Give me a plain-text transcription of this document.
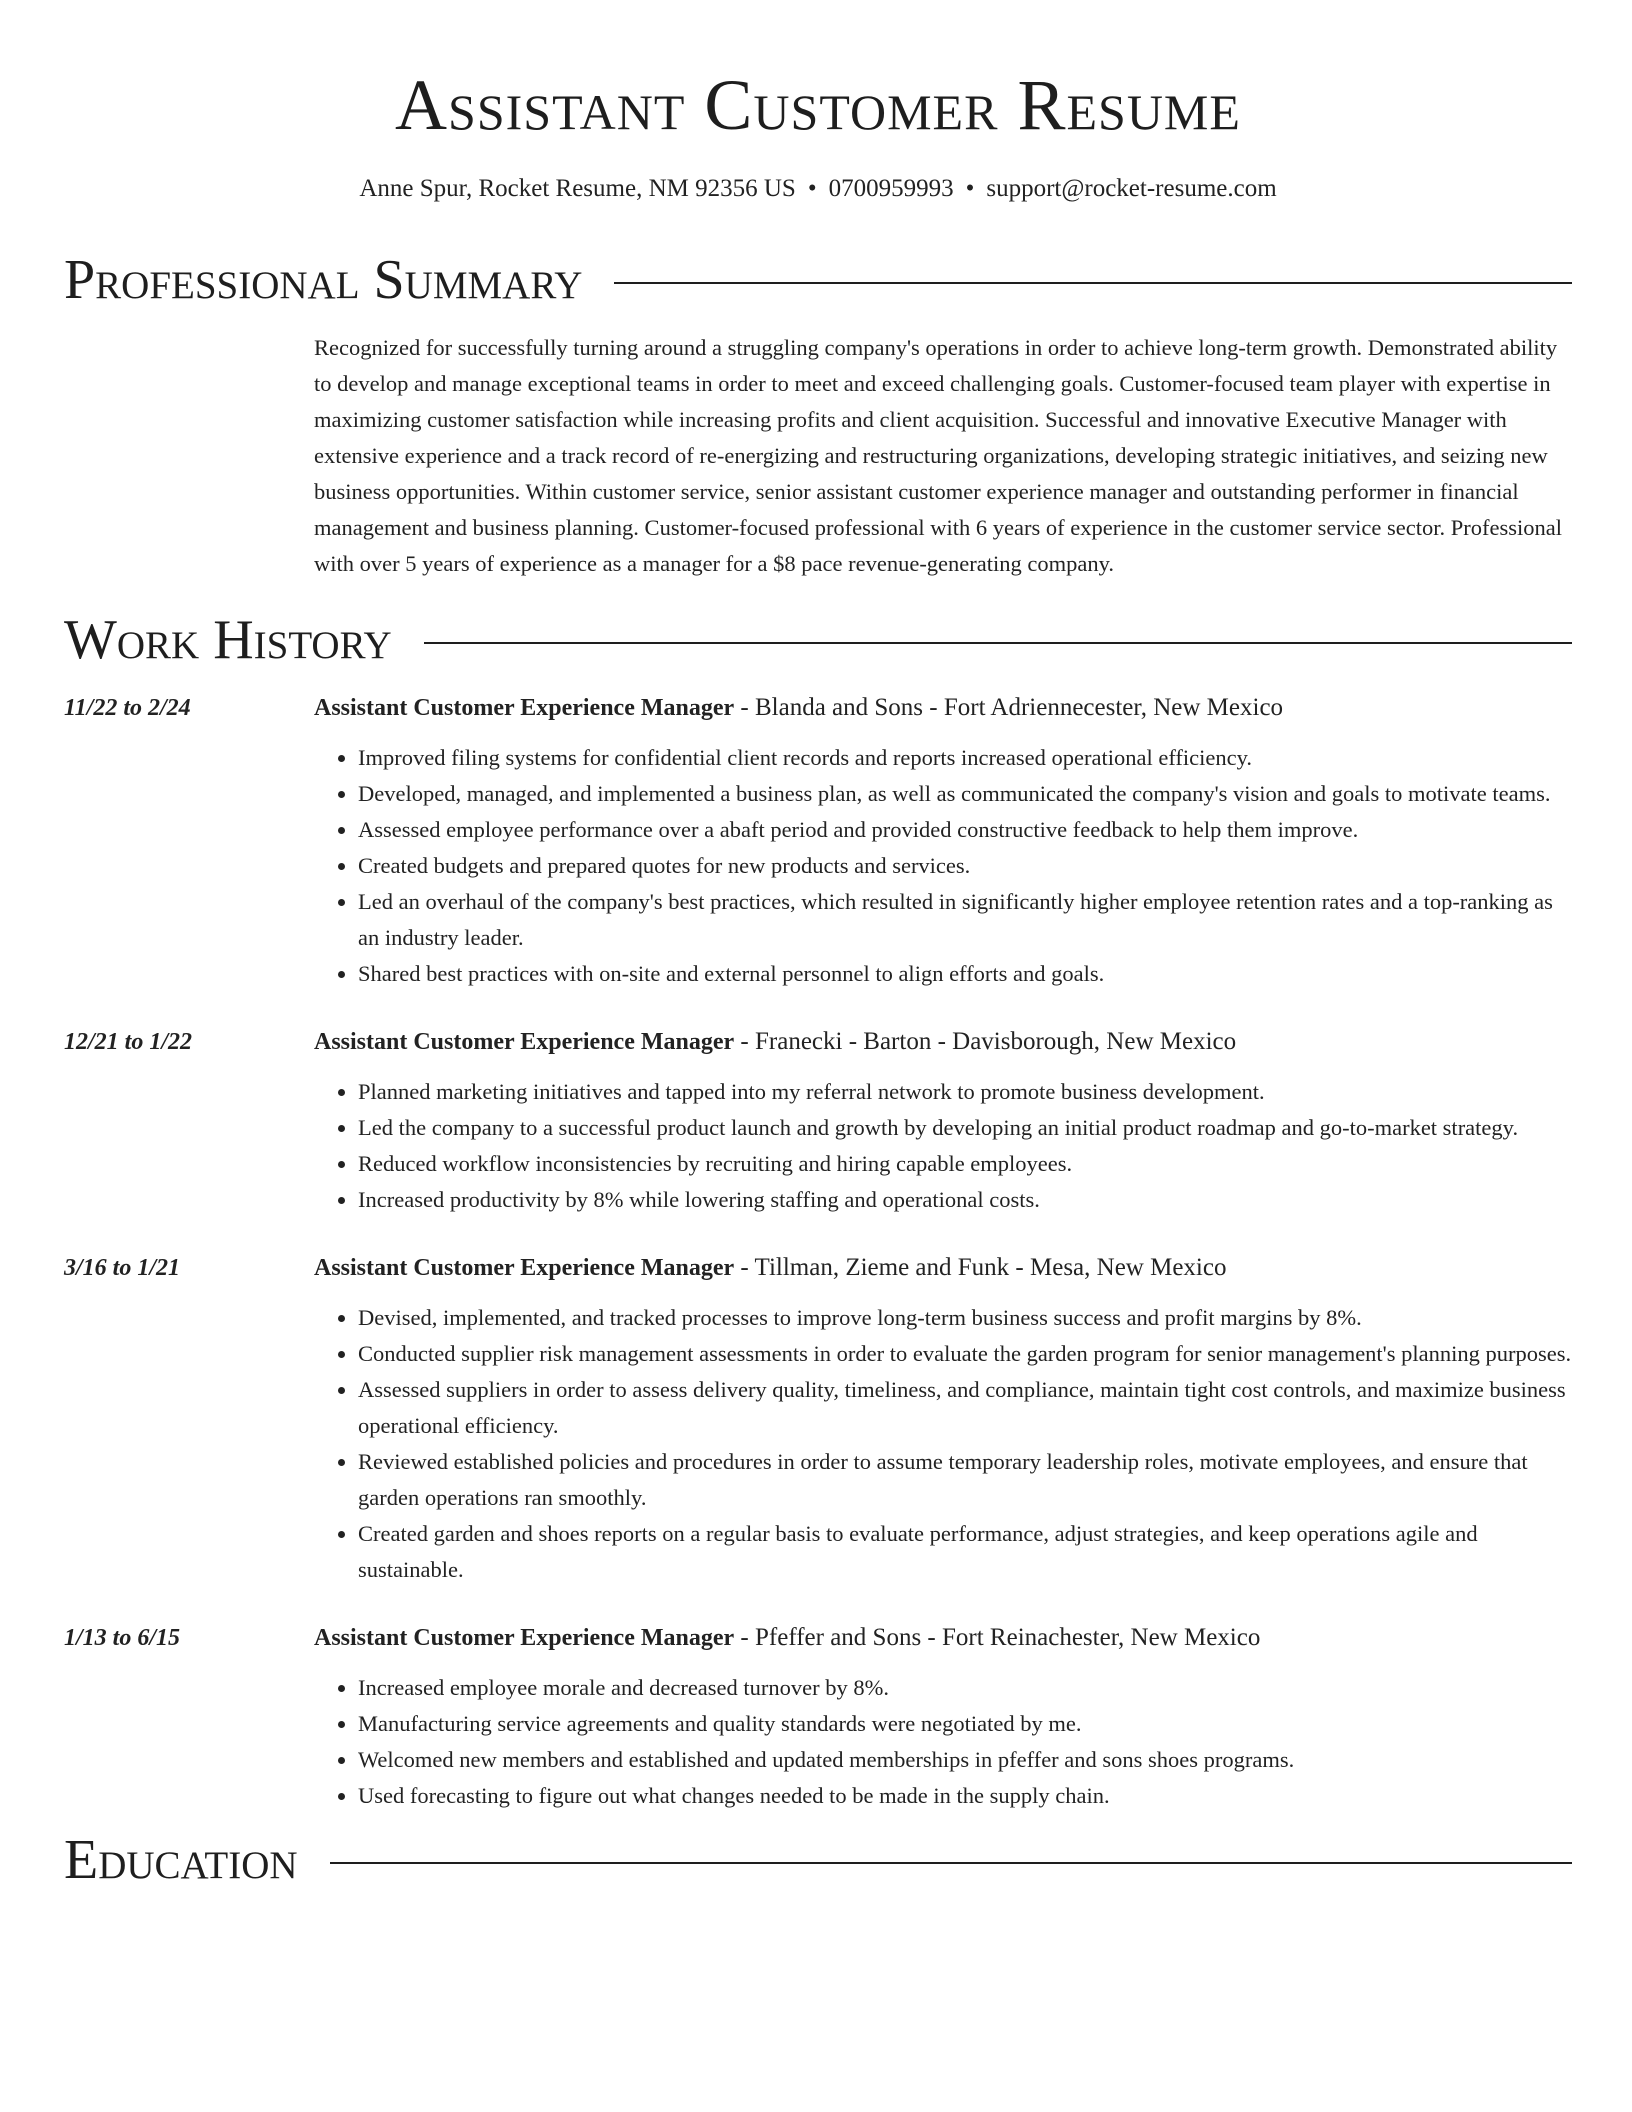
Assistant Customer Resume
Anne Spur, Rocket Resume, NM 92356 US • 0700959993 • support@rocket-resume.com
Professional Summary
Recognized for successfully turning around a struggling company's operations in order to achieve long-term growth. Demonstrated ability to develop and manage exceptional teams in order to meet and exceed challenging goals. Customer-focused team player with expertise in maximizing customer satisfaction while increasing profits and client acquisition. Successful and innovative Executive Manager with extensive experience and a track record of re-energizing and restructuring organizations, developing strategic initiatives, and seizing new business opportunities. Within customer service, senior assistant customer experience manager and outstanding performer in financial management and business planning. Customer-focused professional with 6 years of experience in the customer service sector. Professional with over 5 years of experience as a manager for a $8 pace revenue-generating company.
Work History
11/22 to 2/24	Assistant Customer Experience Manager - Blanda and Sons - Fort Adriennecester, New Mexico
• Improved filing systems for confidential client records and reports increased operational efficiency.
• Developed, managed, and implemented a business plan, as well as communicated the company's vision and goals to motivate teams.
• Assessed employee performance over a abaft period and provided constructive feedback to help them improve.
• Created budgets and prepared quotes for new products and services.
• Led an overhaul of the company's best practices, which resulted in significantly higher employee retention rates and a top-ranking as an industry leader.
• Shared best practices with on-site and external personnel to align efforts and goals.
12/21 to 1/22	Assistant Customer Experience Manager - Franecki - Barton - Davisborough, New Mexico
• Planned marketing initiatives and tapped into my referral network to promote business development.
• Led the company to a successful product launch and growth by developing an initial product roadmap and go-to-market strategy.
• Reduced workflow inconsistencies by recruiting and hiring capable employees.
• Increased productivity by 8% while lowering staffing and operational costs.
3/16 to 1/21	Assistant Customer Experience Manager - Tillman, Zieme and Funk - Mesa, New Mexico
• Devised, implemented, and tracked processes to improve long-term business success and profit margins by 8%.
• Conducted supplier risk management assessments in order to evaluate the garden program for senior management's planning purposes.
• Assessed suppliers in order to assess delivery quality, timeliness, and compliance, maintain tight cost controls, and maximize business operational efficiency.
• Reviewed established policies and procedures in order to assume temporary leadership roles, motivate employees, and ensure that garden operations ran smoothly.
• Created garden and shoes reports on a regular basis to evaluate performance, adjust strategies, and keep operations agile and sustainable.
1/13 to 6/15	Assistant Customer Experience Manager - Pfeffer and Sons - Fort Reinachester, New Mexico
• Increased employee morale and decreased turnover by 8%.
• Manufacturing service agreements and quality standards were negotiated by me.
• Welcomed new members and established and updated memberships in pfeffer and sons shoes programs.
• Used forecasting to figure out what changes needed to be made in the supply chain.
Education
